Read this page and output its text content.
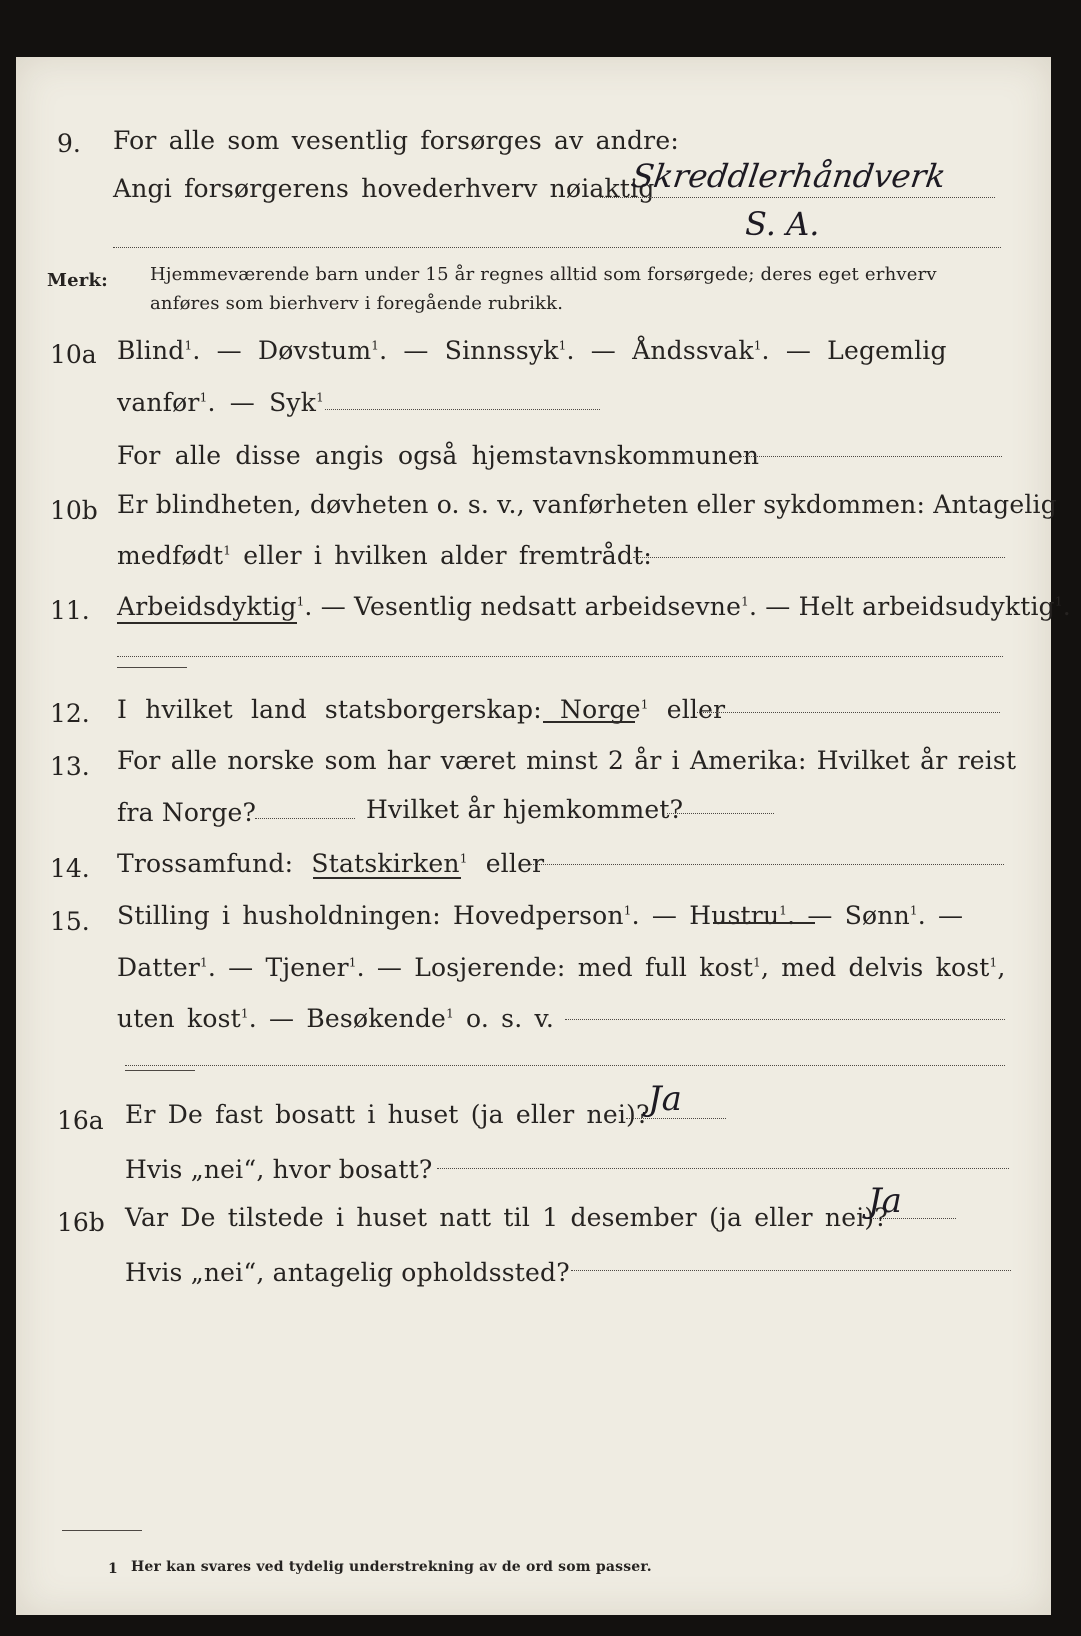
9. For alle som vesentlig forsørges av andre:
Angi forsørgerens hovederhverv nøiaktig
Skreddlerhåndverk
S. A.
Merk: Hjemmeværende barn under 15 år regnes alltid som forsørgede; deres eget erhverv
anføres som bierhverv i foregående rubrikk.
10a Blind$^1$. — Døvstum$^1$. — Sinnssyk$^1$. — Åndssvak$^1$. — Legemlig
vanfør$^1$. — Syk$^1$
For alle disse angis også hjemstavnskommunen
10b Er blindheten, døvheten o. s. v., vanførheten eller sykdommen: Antagelig
medfødt$^1$ eller i hvilken alder fremtrådt:
11. Arbeidsdyktig$^1$. — Vesentlig nedsatt arbeidsevne$^1$. — Helt arbeidsudyktig$^1$.
12. I hvilket land statsborgerskap: Norge$^1$ eller
13. For alle norske som har været minst 2 år i Amerika: Hvilket år reist
fra Norge?	Hvilket år hjemkommet?
14. Trossamfund: Statskirken$^1$ eller
15. Stilling i husholdningen: Hovedperson$^1$. — Hustru$^1$. — Sønn$^1$. —
Datter$^1$. — Tjener$^1$. — Losjerende: med full kost$^1$, med delvis kost$^1$,
uten kost$^1$. — Besøkende$^1$ o. s. v.
16a Er De fast bosatt i huset (ja eller nei)?
Ja
Hvis „nei“, hvor bosatt?
16b Var De tilstede i huset natt til 1 desember (ja eller nei)?
Ja
Hvis „nei“, antagelig opholdssted?
1 Her kan svares ved tydelig understrekning av de ord som passer.
